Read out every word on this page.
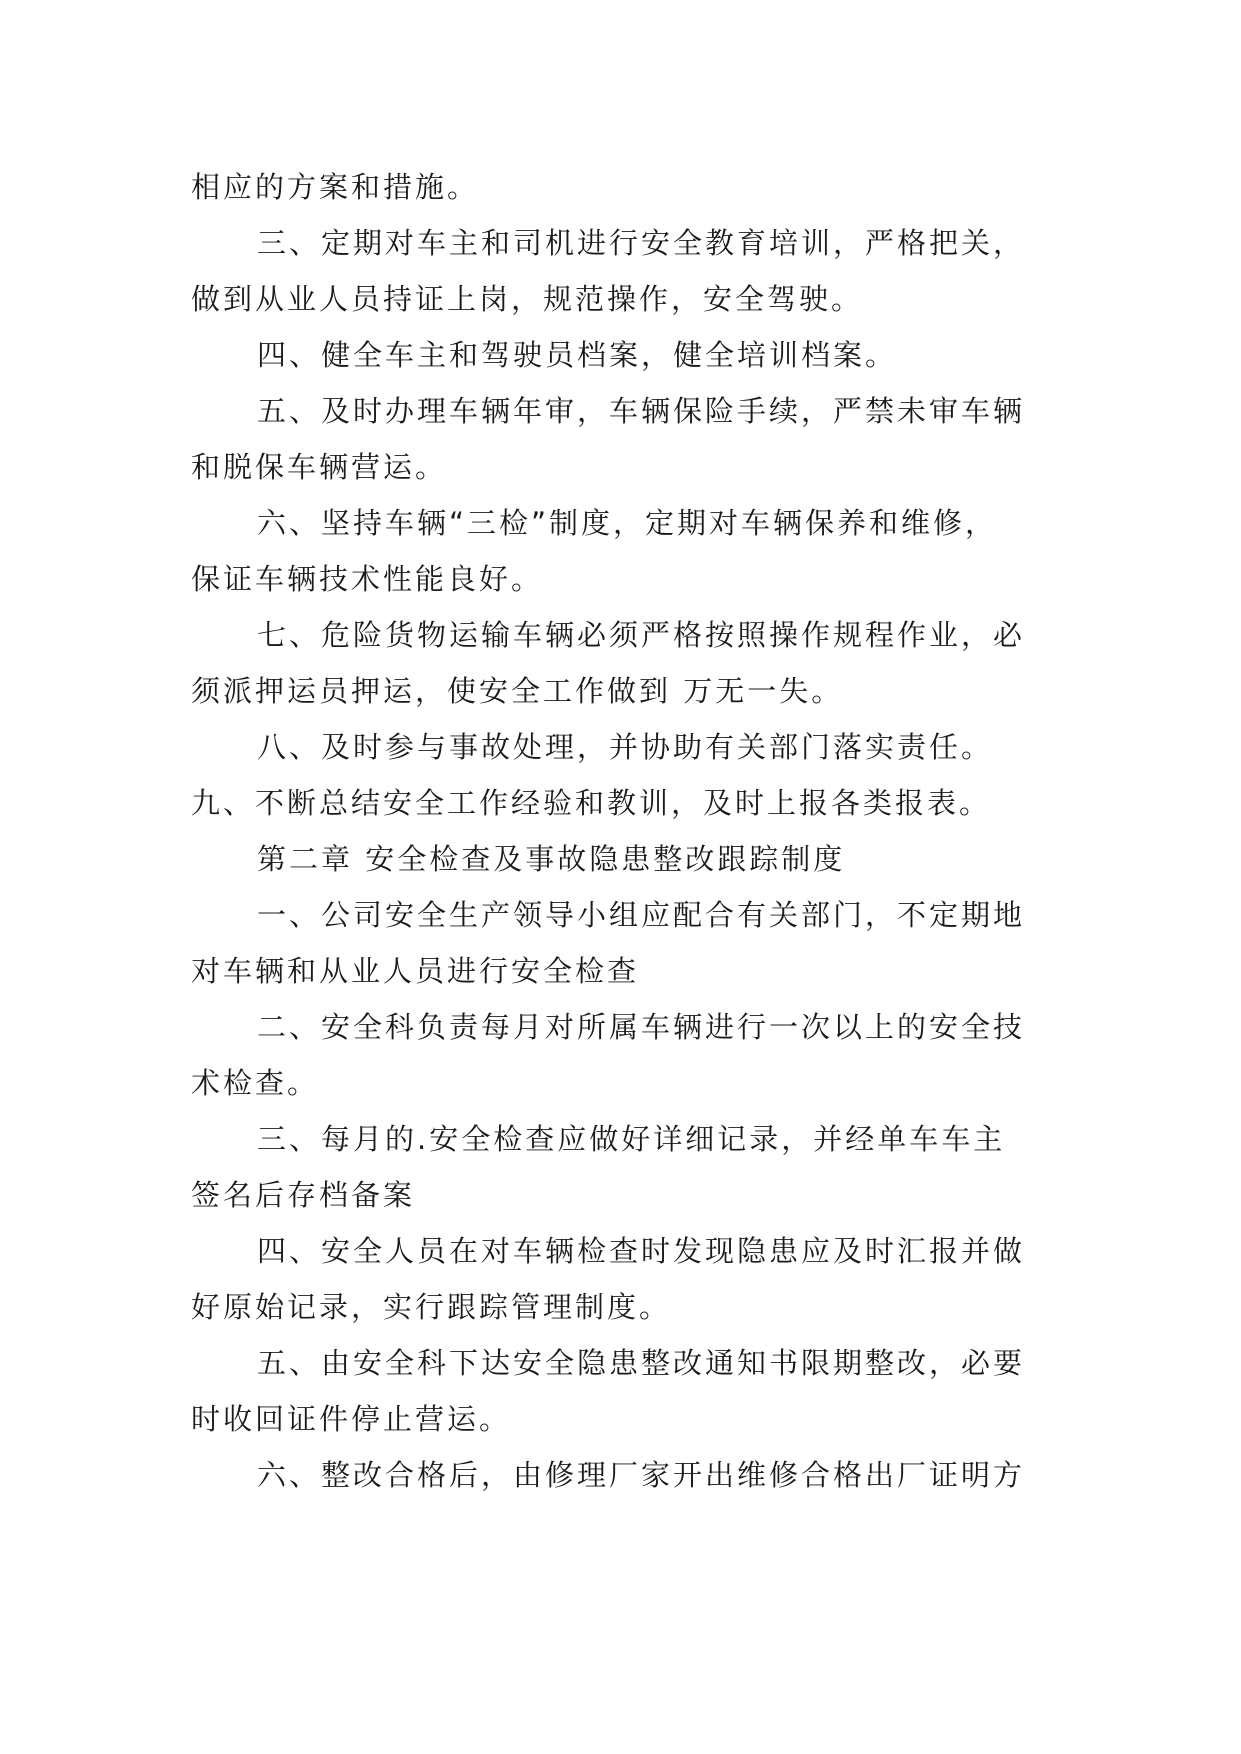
相应的方案和措施。
三、定期对车主和司机进行安全教育培训，严格把关，
做到从业人员持证上岗，规范操作，安全驾驶。
四、健全车主和驾驶员档案，健全培训档案。
五、及时办理车辆年审，车辆保险手续，严禁未审车辆
和脱保车辆营运。
六、坚持车辆“三检”制度，定期对车辆保养和维修，
保证车辆技术性能良好。
七、危险货物运输车辆必须严格按照操作规程作业，必
须派押运员押运，使安全工作做到 万无一失。
八、及时参与事故处理，并协助有关部门落实责任。
九、不断总结安全工作经验和教训，及时上报各类报表。
第二章 安全检查及事故隐患整改跟踪制度
一、公司安全生产领导小组应配合有关部门，不定期地
对车辆和从业人员进行安全检查
二、安全科负责每月对所属车辆进行一次以上的安全技
术检查。
三、每月的.安全检查应做好详细记录，并经单车车主
签名后存档备案
四、安全人员在对车辆检查时发现隐患应及时汇报并做
好原始记录，实行跟踪管理制度。
五、由安全科下达安全隐患整改通知书限期整改，必要
时收回证件停止营运。
六、整改合格后，由修理厂家开出维修合格出厂证明方
